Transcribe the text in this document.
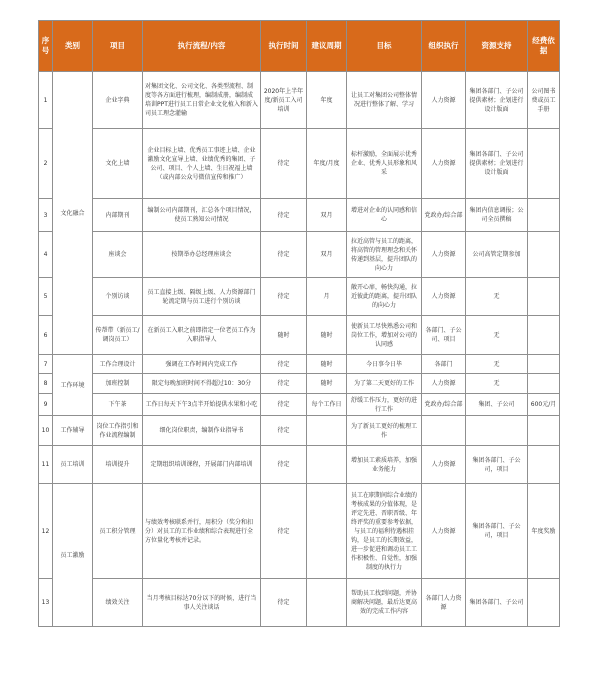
序号	类别	项目	执行流程/内容	执行时间	建议周期	目标	组织执行	资源支持	经费依据
1	文化融合	企业字典	对集团文化、公司文化、各类型流程、制度等各方面进行梳理，编制成册，编制成培训PPT进行员工日常企业文化植入和新入司员工理念灌输	2020年上半年度/新员工入司培训	年度	让员工对集团公司整体情况进行整体了解、学习	人力资源	集团各部门、子公司提供素材；企划进行设计版面	公司图书费或员工手册
2		文化上墙	企业目标上墙、优秀员工事迹上墙、企业激励文化宣导上墙、业绩优秀的集团、子公司、项目、个人上墙、生日祝福上墙（或内部公众号微信宣传和推广）	待定	年度/月度	标杆激励，全面展示优秀企业、优秀人员形象和风采	人力资源	集团各部门、子公司提供素材；企划进行设计版面	
3		内部期刊	编制公司内部期刊，汇总各个项目情况，使员工熟知公司情况	待定	双月	增进对企业的认同感和信心	党政办/综合部	集团内信息调报；公司全员撰稿	
4		座谈会	按期举办总经理座谈会	待定	双月	拉近高管与员工的距离，将高管的管理理念和关怀传递到基层，提升团队的向心力	人力资源	公司高管定期参加	
5		个别访谈	员工直接上级、隔级上级、人力资源部门轮流定期与员工进行个别访谈	待定	月	敞开心扉，畅快沟通，拉近彼此的距离，提升团队的向心力	人力资源	无	
6		传帮带（新员工/调岗员工）	在新员工入职之前即指定一位老员工作为入职指导人	随时	随时	使新员工尽快熟悉公司和岗位工作，增加对公司的认同感	各部门、子公司、项目	无	
7	工作环境	工作合理设计	强调在工作时间内完成工作	待定	随时	今日事今日毕	各部门	无	
8		加班控制	限定每晚加班时间不得超过10：30分	待定	随时	为了第二天更好的工作	人力资源	无	
9		下午茶	工作日每天下午3点半开始提供水果和小吃	待定	每个工作日	舒缓工作压力，更好的进行工作	党政办/综合部	集团、子公司	600元/月
10	工作辅导	岗位工作指引和作业流程编制	细化岗位职责，编制作业指导书	待定		为了新员工更好的梳理工作			
11	员工培训	培训提升	定期组织培训课程，开展部门内部培训	待定		增加员工素质培养，加强业务能力	人力资源	集团各部门、子公司，项目	
12	员工激励	员工积分管理	与绩效考核联系并行，用积分（奖分和扣分）对员工的工作业绩和综合表现进行全方位量化考核并记录。	待定		员工在职期间综合业绩的考核成果的分值体现，是评定先进、晋职晋级、年终评奖的重要参考依据，与员工的福利待遇相挂钩，是员工的长期效益，进一步促进和调动员工工作积极性、自觉性，加强制度的执行力	人力资源	集团各部门、子公司，项目	年度奖励
13		绩效关注	当月考核目标达70分以下的时候，进行当事人关注谈话	待定		帮助员工找到问题，并协商解决问题，最后达更高效的完成工作内容	各部门人力资源	集团各部门、子公司	
